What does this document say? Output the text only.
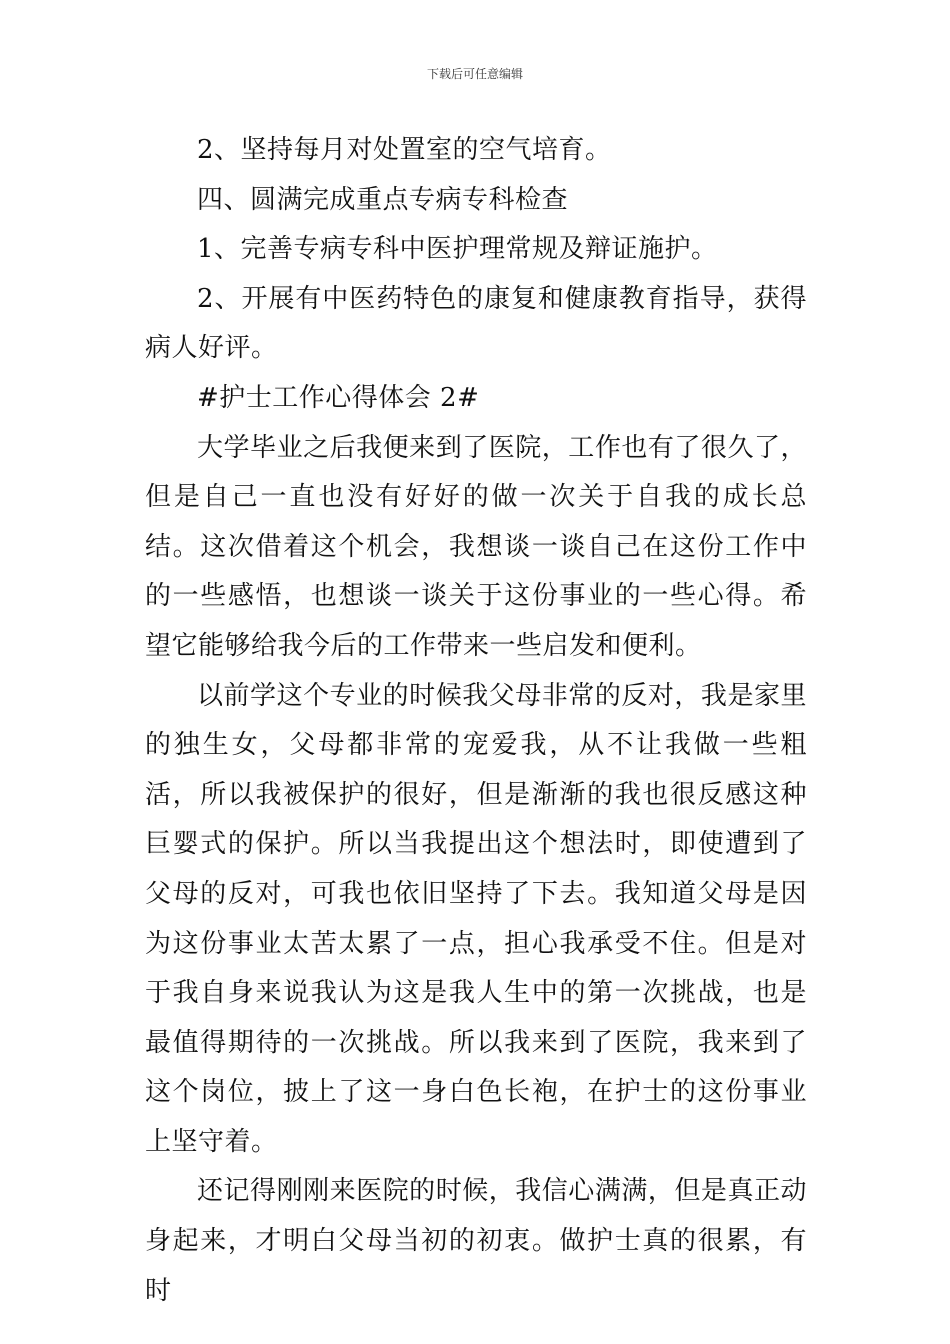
下载后可任意编辑

2、坚持每月对处置室的空气培育。

四、圆满完成重点专病专科检查

1、完善专病专科中医护理常规及辩证施护。

2、开展有中医药特色的康复和健康教育指导，获得病人好评。

#护士工作心得体会 2#

大学毕业之后我便来到了医院，工作也有了很久了，但是自己一直也没有好好的做一次关于自我的成长总结。这次借着这个机会，我想谈一谈自己在这份工作中的一些感悟，也想谈一谈关于这份事业的一些心得。希望它能够给我今后的工作带来一些启发和便利。

以前学这个专业的时候我父母非常的反对，我是家里的独生女，父母都非常的宠爱我，从不让我做一些粗活，所以我被保护的很好，但是渐渐的我也很反感这种巨婴式的保护。所以当我提出这个想法时，即使遭到了父母的反对，可我也依旧坚持了下去。我知道父母是因为这份事业太苦太累了一点，担心我承受不住。但是对于我自身来说我认为这是我人生中的第一次挑战，也是最值得期待的一次挑战。所以我来到了医院，我来到了这个岗位，披上了这一身白色长袍，在护士的这份事业上坚守着。

还记得刚刚来医院的时候，我信心满满，但是真正动身起来，才明白父母当初的初衷。做护士真的很累，有时
